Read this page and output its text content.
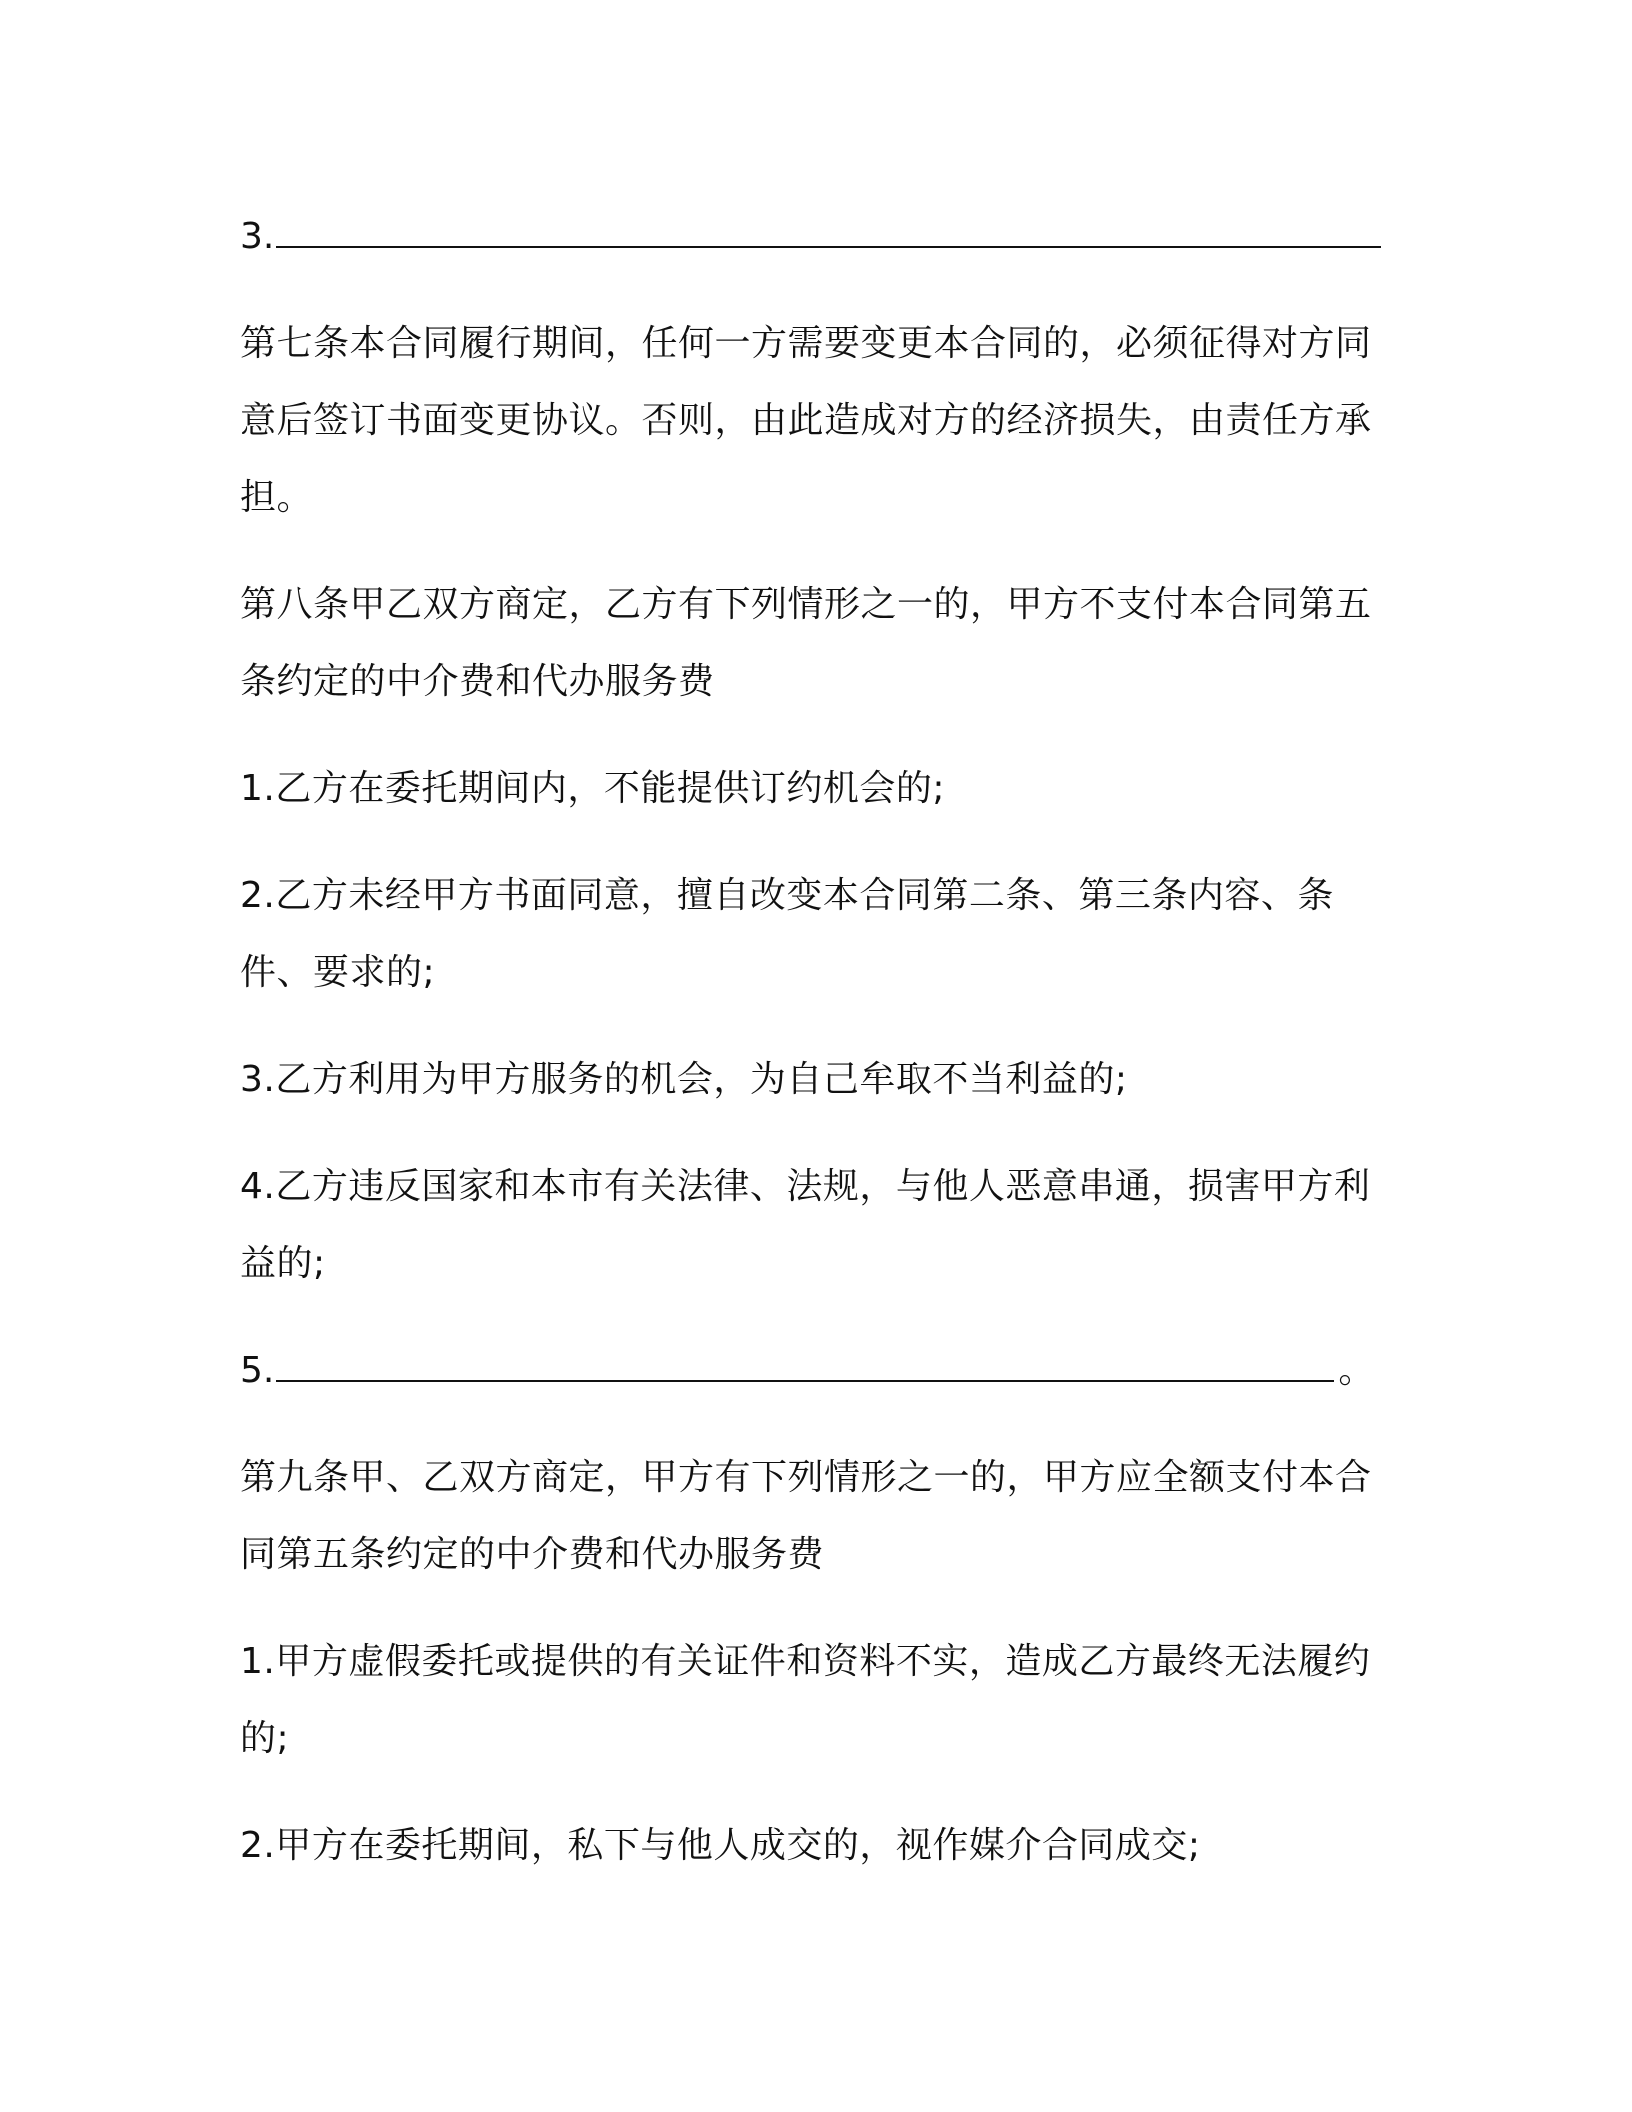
3.

第七条本合同履行期间，任何一方需要变更本合同的，必须征得对方同意后签订书面变更协议。否则，由此造成对方的经济损失，由责任方承担。

第八条甲乙双方商定，乙方有下列情形之一的，甲方不支付本合同第五条约定的中介费和代办服务费

1.乙方在委托期间内，不能提供订约机会的;

2.乙方未经甲方书面同意，擅自改变本合同第二条、第三条内容、条件、要求的;

3.乙方利用为甲方服务的机会，为自己牟取不当利益的;

4.乙方违反国家和本市有关法律、法规，与他人恶意串通，损害甲方利益的;

5.	。

第九条甲、乙双方商定，甲方有下列情形之一的，甲方应全额支付本合同第五条约定的中介费和代办服务费

1.甲方虚假委托或提供的有关证件和资料不实，造成乙方最终无法履约的;

2.甲方在委托期间，私下与他人成交的，视作媒介合同成交;
